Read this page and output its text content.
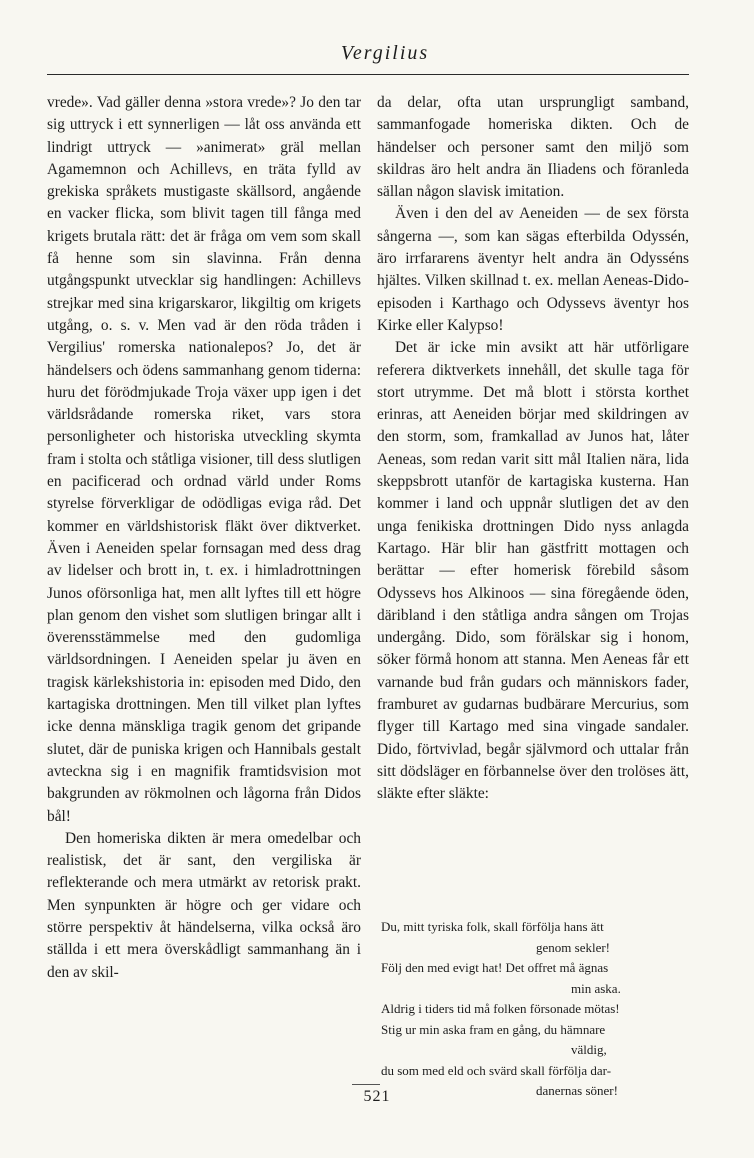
Vergilius

vrede». Vad gäller denna »stora vrede»? Jo den tar sig uttryck i ett synnerligen — låt oss använda ett lindrigt uttryck — »animerat» gräl mellan Agamemnon och Achillevs, en träta fylld av grekiska språkets mustigaste skällsord, angående en vacker flicka, som blivit tagen till fånga med krigets brutala rätt: det är fråga om vem som skall få henne som sin slavinna. Från denna utgångspunkt utvecklar sig handlingen: Achillevs strejkar med sina krigarskaror, likgiltig om krigets utgång, o. s. v. Men vad är den röda tråden i Vergilius' romerska nationalepos? Jo, det är händelsers och ödens sammanhang genom tiderna: huru det förödmjukade Troja växer upp igen i det världsrådande romerska riket, vars stora personligheter och historiska utveckling skymta fram i stolta och ståtliga visioner, till dess slutligen en pacificerad och ordnad värld under Roms styrelse förverkligar de odödligas eviga råd. Det kommer en världshistorisk fläkt över diktverket. Även i Aeneiden spelar fornsagan med dess drag av lidelser och brott in, t. ex. i himladrottningen Junos oförsonliga hat, men allt lyftes till ett högre plan genom den vishet som slutligen bringar allt i överensstämmelse med den gudomliga världsordningen. I Aeneiden spelar ju även en tragisk kärlekshistoria in: episoden med Dido, den kartagiska drottningen. Men till vilket plan lyftes icke denna mänskliga tragik genom det gripande slutet, där de puniska krigen och Hannibals gestalt avteckna sig i en magnifik framtidsvision mot bakgrunden av rökmolnen och lågorna från Didos bål!

Den homeriska dikten är mera omedelbar och realistisk, det är sant, den vergiliska är reflekterande och mera utmärkt av retorisk prakt. Men synpunkten är högre och ger vidare och större perspektiv åt händelserna, vilka också äro ställda i ett mera överskådligt sammanhang än i den av skil-

da delar, ofta utan ursprungligt samband, sammanfogade homeriska dikten. Och de händelser och personer samt den miljö som skildras äro helt andra än Iliadens och föranleda sällan någon slavisk imitation.

Även i den del av Aeneiden — de sex första sångerna —, som kan sägas efterbilda Odyssén, äro irrfararens äventyr helt andra än Odysséns hjältes. Vilken skillnad t. ex. mellan Aeneas-Dido-episoden i Karthago och Odyssevs äventyr hos Kirke eller Kalypso!

Det är icke min avsikt att här utförligare referera diktverkets innehåll, det skulle taga för stort utrymme. Det må blott i största korthet erinras, att Aeneiden börjar med skildringen av den storm, som, framkallad av Junos hat, låter Aeneas, som redan varit sitt mål Italien nära, lida skeppsbrott utanför de kartagiska kusterna. Han kommer i land och uppnår slutligen det av den unga fenikiska drottningen Dido nyss anlagda Kartago. Här blir han gästfritt mottagen och berättar — efter homerisk förebild såsom Odyssevs hos Alkinoos — sina föregående öden, däribland i den ståtliga andra sången om Trojas undergång. Dido, som förälskar sig i honom, söker förmå honom att stanna. Men Aeneas får ett varnande bud från gudars och människors fader, framburet av gudarnas budbärare Mercurius, som flyger till Kartago med sina vingade sandaler. Dido, förtvivlad, begår självmord och uttalar från sitt dödsläger en förbannelse över den trolöses ätt, släkte efter släkte:

Du, mitt tyriska folk, skall förfölja hans ätt
genom sekler!
Följ den med evigt hat! Det offret må ägnas
min aska.
Aldrig i tiders tid må folken försonade mötas!
Stig ur min aska fram en gång, du hämnare
väldig,
du som med eld och svärd skall förfölja dar-
danernas söner!
521
